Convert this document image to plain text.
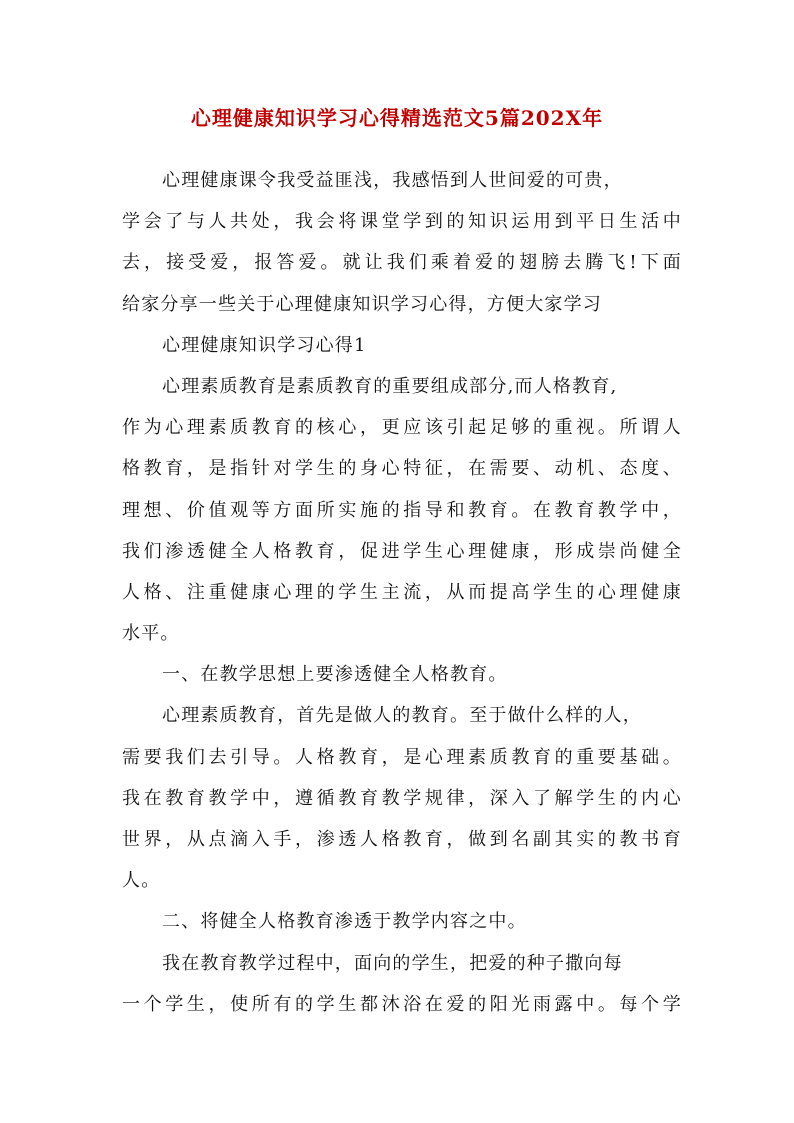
心理健康知识学习心得精选范文5篇202X年
心理健康课令我受益匪浅，我感悟到人世间爱的可贵，
学会了与人共处，我会将课堂学到的知识运用到平日生活中
去，接受爱，报答爱。就让我们乘着爱的翅膀去腾飞!下面
给家分享一些关于心理健康知识学习心得，方便大家学习
心理健康知识学习心得1
心理素质教育是素质教育的重要组成部分,而人格教育,
作为心理素质教育的核心，更应该引起足够的重视。所谓人
格教育，是指针对学生的身心特征，在需要、动机、态度、
理想、价值观等方面所实施的指导和教育。在教育教学中，
我们渗透健全人格教育，促进学生心理健康，形成崇尚健全
人格、注重健康心理的学生主流，从而提高学生的心理健康
水平。
一、在教学思想上要渗透健全人格教育。
心理素质教育，首先是做人的教育。至于做什么样的人，
需要我们去引导。人格教育，是心理素质教育的重要基础。
我在教育教学中，遵循教育教学规律，深入了解学生的内心
世界，从点滴入手，渗透人格教育，做到名副其实的教书育
人。
二、将健全人格教育渗透于教学内容之中。
我在教育教学过程中，面向的学生，把爱的种子撒向每
一个学生，使所有的学生都沐浴在爱的阳光雨露中。每个学
